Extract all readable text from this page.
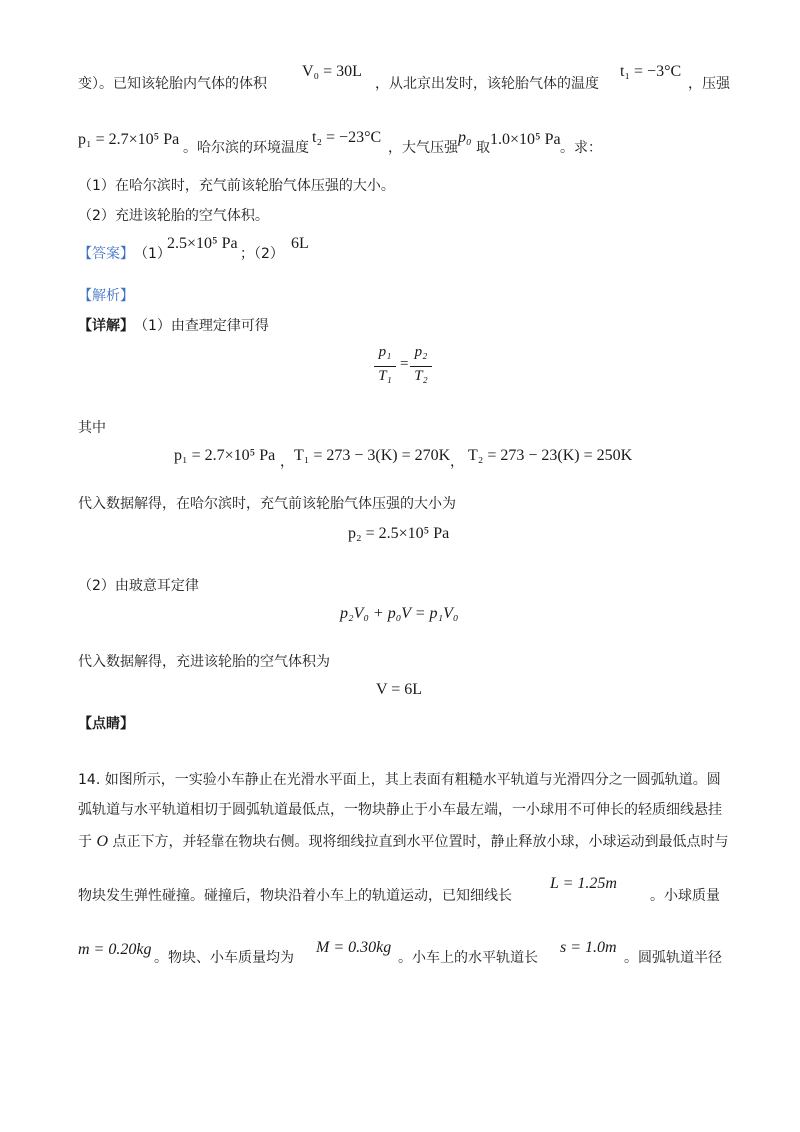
变）。已知该轮胎内气体的体积
V₀ = 30L
，从北京出发时，该轮胎气体的温度
t₁ = −3°C
，压强
p₁ = 2.7×10⁵ Pa 。哈尔滨的环境温度
t₂ = −23°C
，大气压强
p₀
取 1.0×10⁵ Pa 。求：
（1）在哈尔滨时，充气前该轮胎气体压强的大小。
（2）充进该轮胎的空气体积。
【答案】 （1）
2.5×10⁵ Pa
；（2）
6L
【解析】
【详解】 （1）由查理定律可得
p₁
T₁
=
p₂
T₂
其中
p₁ = 2.7×10⁵ Pa ， T₁ = 273 − 3(K) = 270K ， T₂ = 273 − 23(K) = 250K
代入数据解得，在哈尔滨时，充气前该轮胎气体压强的大小为
p₂ = 2.5×10⁵ Pa
（2）由玻意耳定律
p₂V₀ + p₀V = p₁V₀
代入数据解得，充进该轮胎的空气体积为
V = 6L
【点睛】
14. 如图所示，一实验小车静止在光滑水平面上，其上表面有粗糙水平轨道与光滑四分之一圆弧轨道。圆
弧轨道与水平轨道相切于圆弧轨道最低点，一物块静止于小车最左端，一小球用不可伸长的轻质细线悬挂
于 O 点正下方，并轻靠在物块右侧。现将细线拉直到水平位置时，静止释放小球，小球运动到最低点时与
物块发生弹性碰撞。碰撞后，物块沿着小车上的轨道运动，已知细线长
L = 1.25m
。小球质量
m = 0.20kg 。物块、小车质量均为
M = 0.30kg
。小车上的水平轨道长
s = 1.0m
。圆弧轨道半径
